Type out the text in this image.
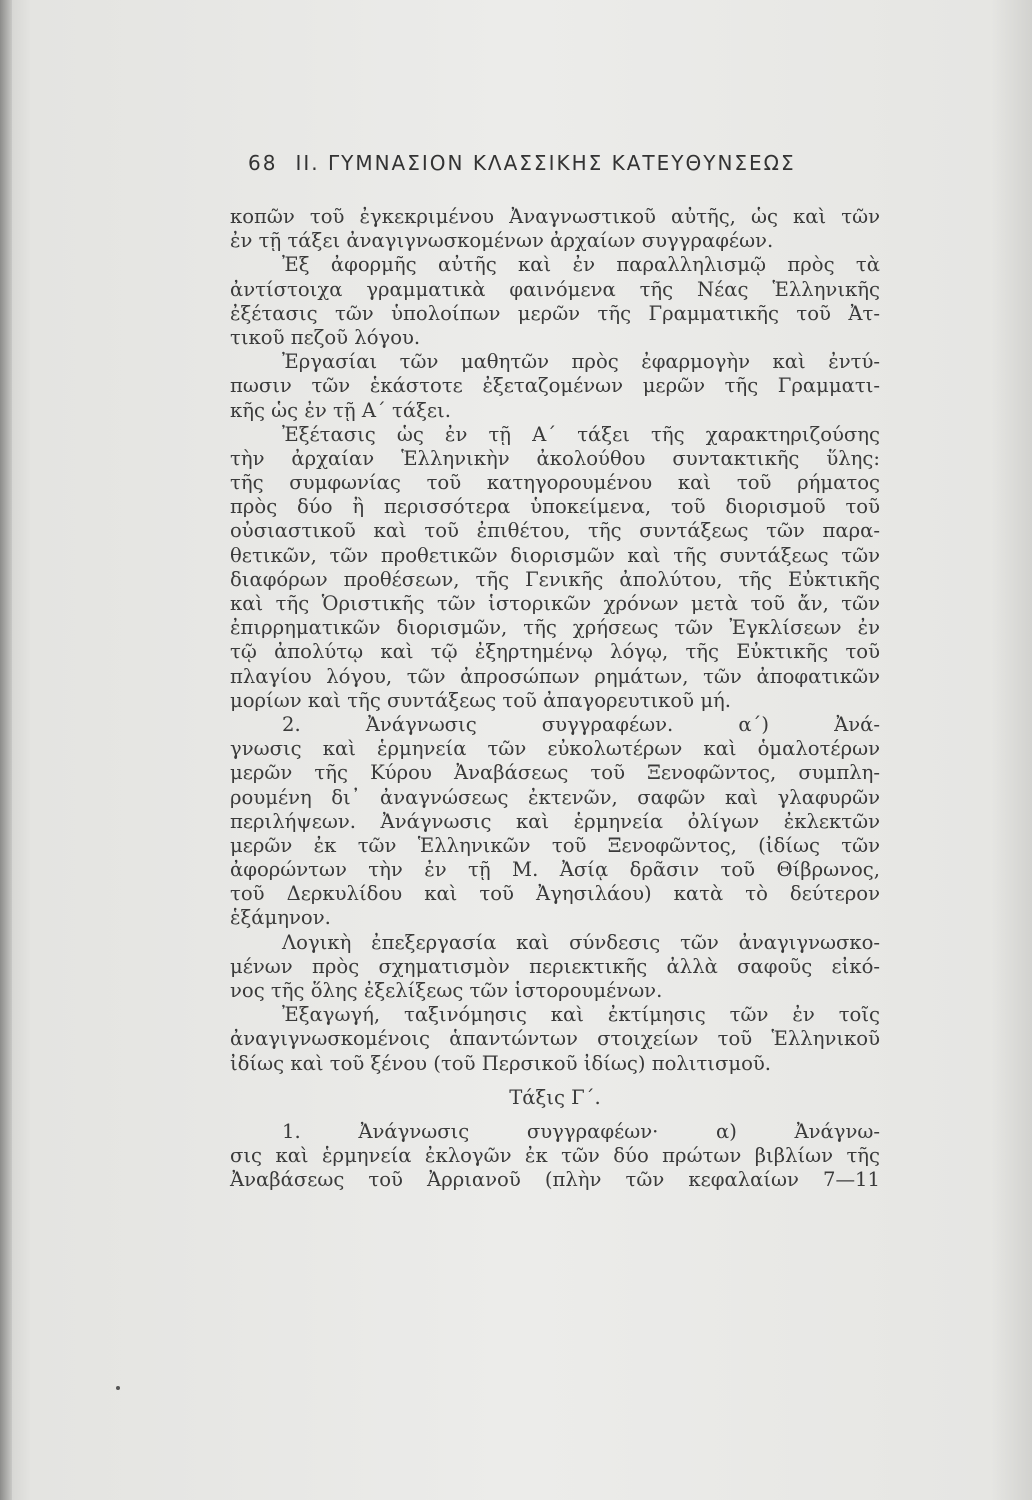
68 II. ΓΥΜΝΑΣΙΟΝ ΚΛΑΣΣΙΚΗΣ ΚΑΤΕΥΘΥΝΣΕΩΣ
κοπῶν τοῦ ἐγκεκριμένου Ἀναγνωστικοῦ αὐτῆς, ὡς καὶ τῶν
ἐν τῇ τάξει ἀναγιγνωσκομένων ἀρχαίων συγγραφέων.
Ἐξ ἀφορμῆς αὐτῆς καὶ ἐν παραλληλισμῷ πρὸς τὰ
ἀντίστοιχα γραμματικὰ φαινόμενα τῆς Νέας Ἑλληνικῆς
ἐξέτασις τῶν ὑπολοίπων μερῶν τῆς Γραμματικῆς τοῦ Ἀτ-
τικοῦ πεζοῦ λόγου.
Ἐργασίαι τῶν μαθητῶν πρὸς ἐφαρμογὴν καὶ ἐντύ-
πωσιν τῶν ἑκάστοτε ἐξεταζομένων μερῶν τῆς Γραμματι-
κῆς ὡς ἐν τῇ Α΄ τάξει.
Ἐξέτασις ὡς ἐν τῇ Α΄ τάξει τῆς χαρακτηριζούσης
τὴν ἀρχαίαν Ἑλληνικὴν ἀκολούθου συντακτικῆς ὕλης:
τῆς συμφωνίας τοῦ κατηγορουμένου καὶ τοῦ ρήματος
πρὸς δύο ἢ περισσότερα ὑποκείμενα, τοῦ διορισμοῦ τοῦ
οὐσιαστικοῦ καὶ τοῦ ἐπιθέτου, τῆς συντάξεως τῶν παρα-
θετικῶν, τῶν προθετικῶν διορισμῶν καὶ τῆς συντάξεως τῶν
διαφόρων προθέσεων, τῆς Γενικῆς ἀπολύτου, τῆς Εὐκτικῆς
καὶ τῆς Ὁριστικῆς τῶν ἱστορικῶν χρόνων μετὰ τοῦ ἄν, τῶν
ἐπιρρηματικῶν διορισμῶν, τῆς χρήσεως τῶν Ἐγκλίσεων ἐν
τῷ ἀπολύτῳ καὶ τῷ ἐξηρτημένῳ λόγῳ, τῆς Εὐκτικῆς τοῦ
πλαγίου λόγου, τῶν ἀπροσώπων ρημάτων, τῶν ἀποφατικῶν
μορίων καὶ τῆς συντάξεως τοῦ ἀπαγορευτικοῦ μή.
2. Ἀνάγνωσις συγγραφέων. α΄) Ἀνά-
γνωσις καὶ ἑρμηνεία τῶν εὐκολωτέρων καὶ ὁμαλοτέρων
μερῶν τῆς Κύρου Ἀναβάσεως τοῦ Ξενοφῶντος, συμπλη-
ρουμένη δι᾽ ἀναγνώσεως ἐκτενῶν, σαφῶν καὶ γλαφυρῶν
περιλήψεων. Ἀνάγνωσις καὶ ἑρμηνεία ὀλίγων ἐκλεκτῶν
μερῶν ἐκ τῶν Ἑλληνικῶν τοῦ Ξενοφῶντος, (ἰδίως τῶν
ἀφορώντων τὴν ἐν τῇ Μ. Ἀσίᾳ δρᾶσιν τοῦ Θίβρωνος,
τοῦ Δερκυλίδου καὶ τοῦ Ἀγησιλάου) κατὰ τὸ δεύτερον
ἑξάμηνον.
Λογικὴ ἐπεξεργασία καὶ σύνδεσις τῶν ἀναγιγνωσκο-
μένων πρὸς σχηματισμὸν περιεκτικῆς ἀλλὰ σαφοῦς εἰκό-
νος τῆς ὅλης ἐξελίξεως τῶν ἱστορουμένων.
Ἐξαγωγή, ταξινόμησις καὶ ἐκτίμησις τῶν ἐν τοῖς
ἀναγιγνωσκομένοις ἁπαντώντων στοιχείων τοῦ Ἑλληνικοῦ
ἰδίως καὶ τοῦ ξένου (τοῦ Περσικοῦ ἰδίως) πολιτισμοῦ.
Τάξις Γ΄.
1. Ἀνάγνωσις συγγραφέων· α) Ἀνάγνω-
σις καὶ ἑρμηνεία ἐκλογῶν ἐκ τῶν δύο πρώτων βιβλίων τῆς
Ἀναβάσεως τοῦ Ἀρριανοῦ (πλὴν τῶν κεφαλαίων 7—11
